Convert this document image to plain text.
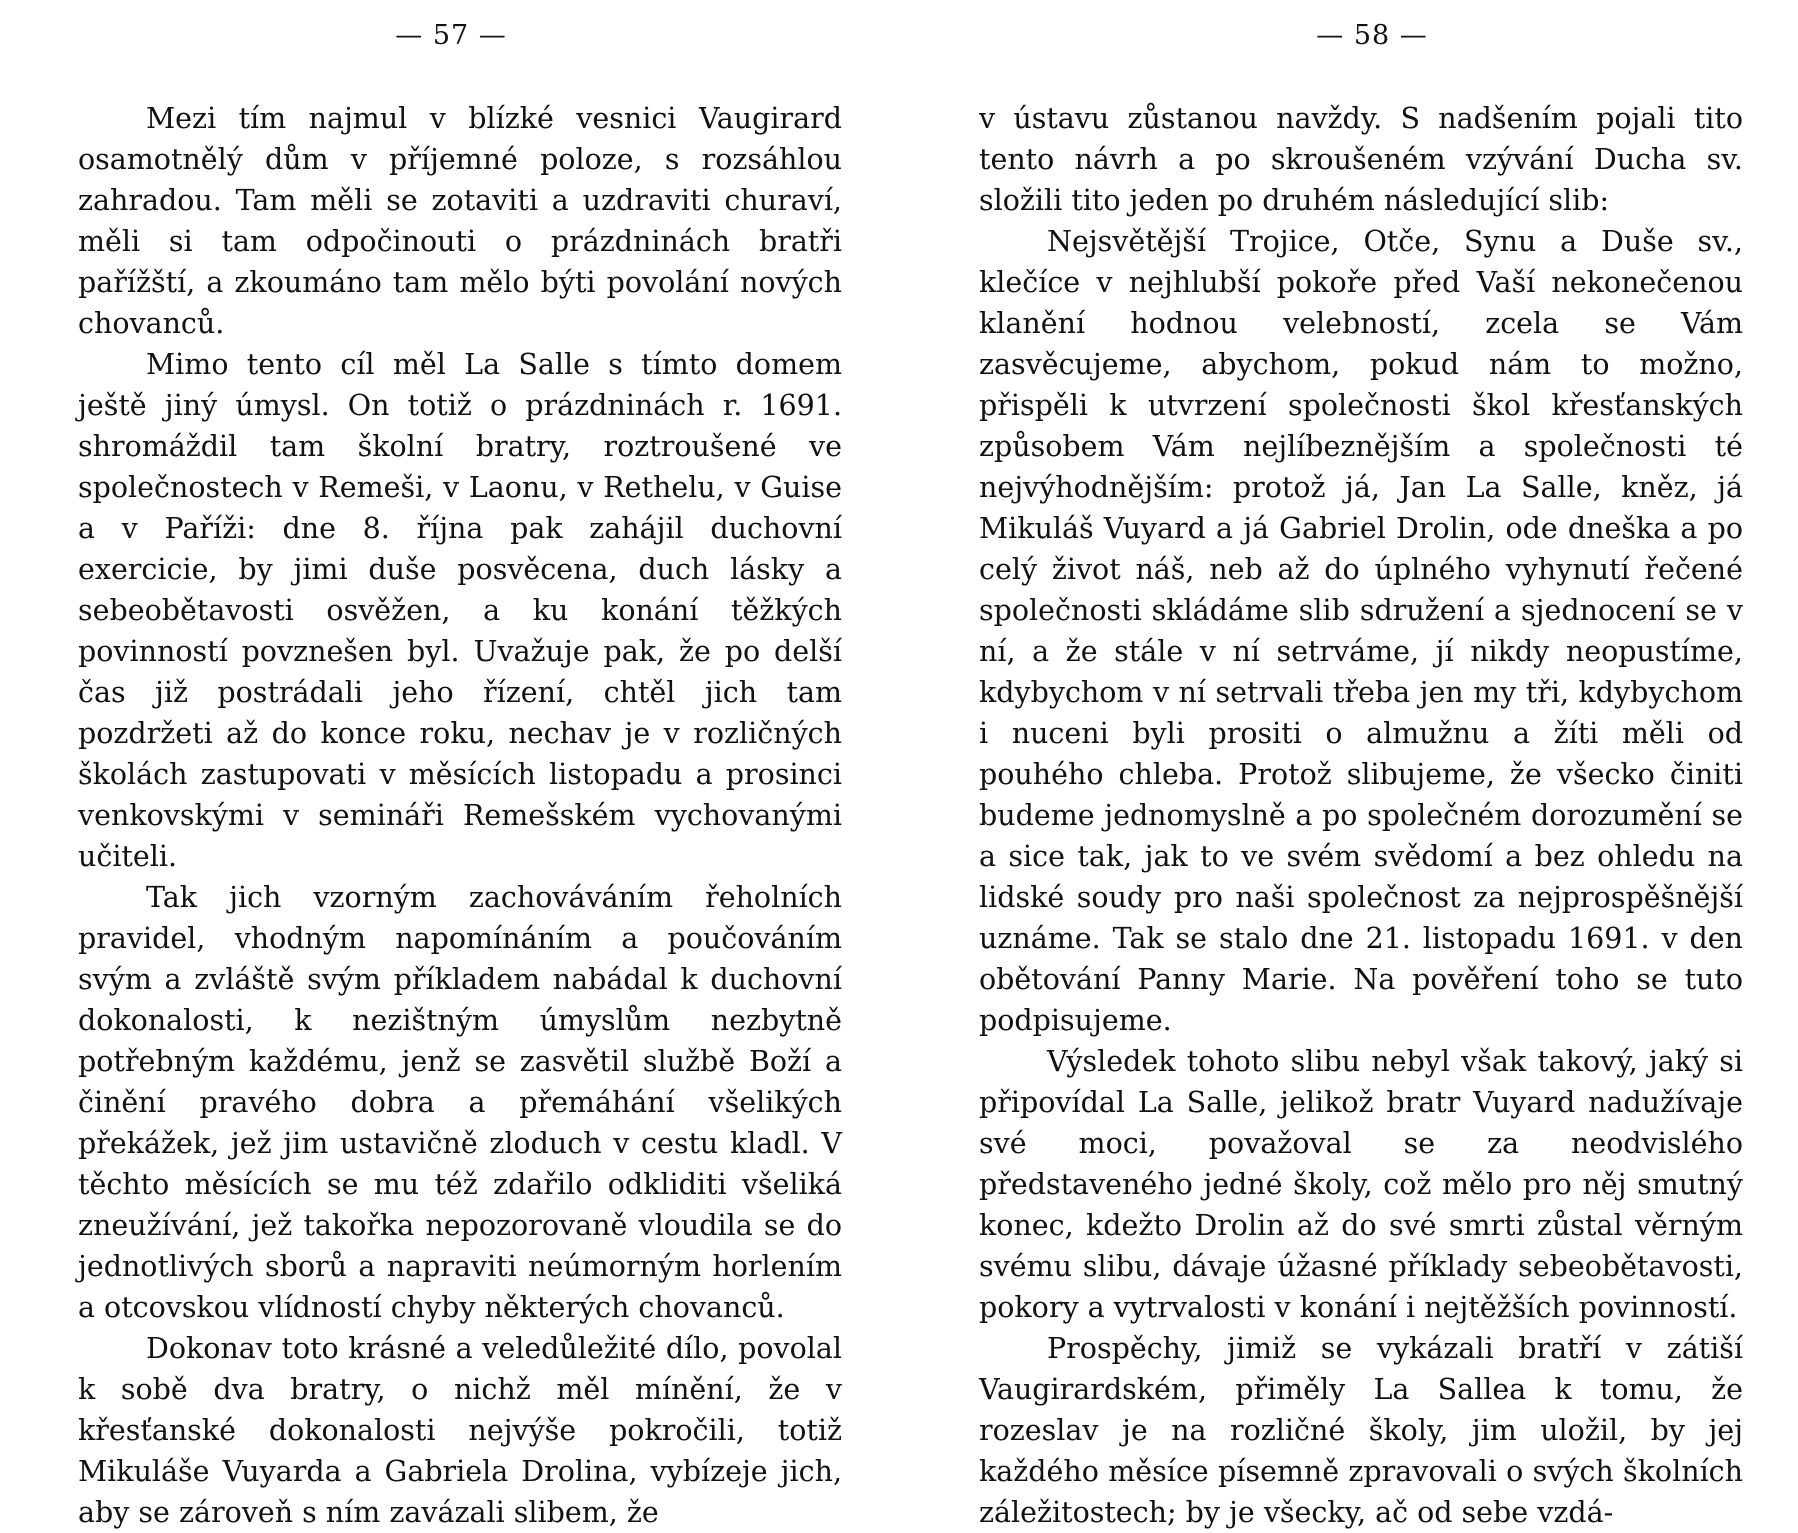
— 57 —

Mezi tím najmul v blízké vesnici Vaugirard osamotnělý dům v příjemné poloze, s rozsáhlou zahradou. Tam měli se zotaviti a uzdraviti churaví, měli si tam odpočinouti o prázdninách bratři pařížští, a zkoumáno tam mělo býti povolání nových chovanců.

Mimo tento cíl měl La Salle s tímto domem ještě jiný úmysl. On totiž o prázdninách r. 1691. shromáždil tam školní bratry, roztroušené ve společnostech v Remeši, v Laonu, v Rethelu, v Guise a v Paříži: dne 8. října pak zahájil duchovní exercicie, by jimi duše posvěcena, duch lásky a sebeobětavosti osvěžen, a ku konání těžkých povinností povznešen byl. Uvažuje pak, že po delší čas již postrádali jeho řízení, chtěl jich tam pozdržeti až do konce roku, nechav je v rozličných školách zastupovati v měsících listopadu a prosinci venkovskými v semináři Remešském vychovanými učiteli.

Tak jich vzorným zachováváním řeholních pravidel, vhodným napomínáním a poučováním svým a zvláště svým příkladem nabádal k duchovní dokonalosti, k nezištným úmyslům nezbytně potřebným každému, jenž se zasvětil službě Boží a činění pravého dobra a přemáhání všelikých překážek, jež jim ustavičně zloduch v cestu kladl. V těchto měsících se mu též zdařilo odkliditi všeliká zneužívání, jež takořka nepozorovaně vloudila se do jednotlivých sborů a napraviti neúmorným horlením a otcovskou vlídností chyby některých chovanců.

Dokonav toto krásné a veledůležité dílo, povolal k sobě dva bratry, o nichž měl mínění, že v křesťanské dokonalosti nejvýše pokročili, totiž Mikuláše Vuyarda a Gabriela Drolina, vybízeje jich, aby se zároveň s ním zavázali slibem, že

— 58 —

v ústavu zůstanou navždy. S nadšením pojali tito tento návrh a po skroušeném vzývání Ducha sv. složili tito jeden po druhém následující slib:

Nejsvětější Trojice, Otče, Synu a Duše sv., klečíce v nejhlubší pokoře před Vaší nekonečenou klanění hodnou velebností, zcela se Vám zasvěcujeme, abychom, pokud nám to možno, přispěli k utvrzení společnosti škol křesťanských způsobem Vám nejlíbeznějším a společnosti té nejvýhodnějším: protož já, Jan La Salle, kněz, já Mikuláš Vuyard a já Gabriel Drolin, ode dneška a po celý život náš, neb až do úplného vyhynutí řečené společnosti skládáme slib sdružení a sjednocení se v ní, a že stále v ní setrváme, jí nikdy neopustíme, kdybychom v ní setrvali třeba jen my tři, kdybychom i nuceni byli prositi o almužnu a žíti měli od pouhého chleba. Protož slibujeme, že všecko činiti budeme jednomyslně a po společném dorozumění se a sice tak, jak to ve svém svědomí a bez ohledu na lidské soudy pro naši společnost za nejprospěšnější uznáme. Tak se stalo dne 21. listopadu 1691. v den obětování Panny Marie. Na pověření toho se tuto podpisujeme.

Výsledek tohoto slibu nebyl však takový, jaký si připovídal La Salle, jelikož bratr Vuyard nadužívaje své moci, považoval se za neodvislého představeného jedné školy, což mělo pro něj smutný konec, kdežto Drolin až do své smrti zůstal věrným svému slibu, dávaje úžasné příklady sebeobětavosti, pokory a vytrvalosti v konání i nejtěžších povinností.

Prospěchy, jimiž se vykázali bratří v zátiší Vaugirardském, přiměly La Sallea k tomu, že rozeslav je na rozličné školy, jim uložil, by jej každého měsíce písemně zpravovali o svých školních záležitostech; by je všecky, ač od sebe vzdá-
